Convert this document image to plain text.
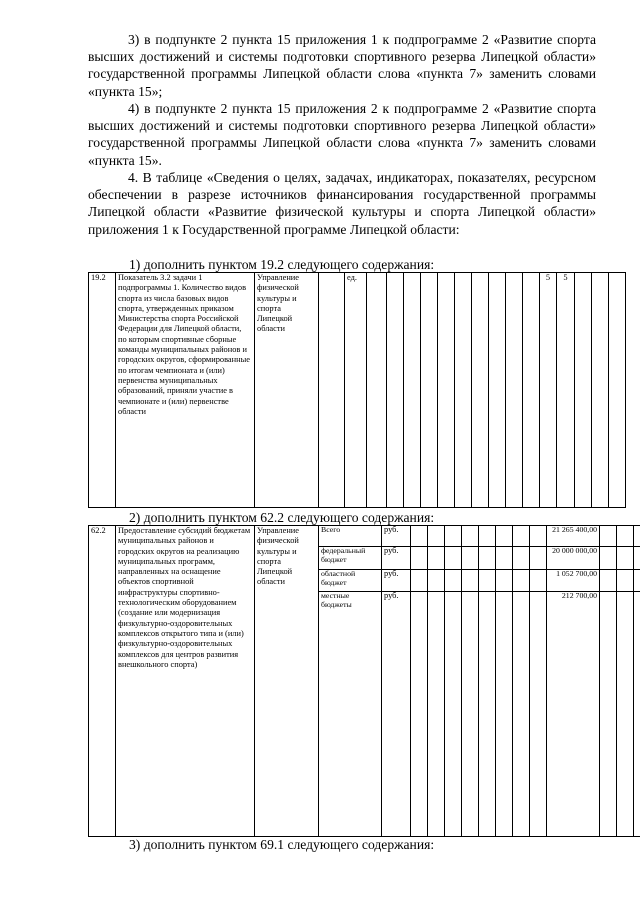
3) в подпункте 2 пункта 15 приложения 1 к подпрограмме 2 «Развитие спорта высших достижений и системы подготовки спортивного резерва Липецкой области» государственной программы Липецкой области слова «пункта 7» заменить словами «пункта 15»;
4) в подпункте 2 пункта 15 приложения 2 к подпрограмме 2 «Развитие спорта высших достижений и системы подготовки спортивного резерва Липецкой области» государственной программы Липецкой области слова «пункта 7» заменить словами «пункта 15».
4. В таблице «Сведения о целях, задачах, индикаторах, показателях, ресурсном обеспечении в разрезе источников финансирования государственной программы Липецкой области «Развитие физической культуры и спорта Липецкой области» приложения 1 к Государственной программе Липецкой области:
1) дополнить пунктом 19.2 следующего содержания:
19.2	Показатель 3.2 задачи 1 подпрограммы 1. Количество видов спорта из числа базовых видов спорта, утвержденных приказом Министерства спорта Российской Федерации для Липецкой области, по которым спортивные сборные команды муниципальных районов и городских округов, сформированные по итогам чемпионата и (или) первенства муниципальных образований, приняли участие в чемпионате и (или) первенстве области	Управление физической культуры и спорта Липецкой области		ед.											5	5			
2) дополнить пунктом 62.2 следующего содержания:
62.2	Предоставление субсидий бюджетам муниципальных районов и городских округов на реализацию муниципальных программ, направленных на оснащение объектов спортивной инфраструктуры спортивно-технологическим оборудованием (создание или модернизация физкультурно-оздоровительных комплексов открытого типа и (или) физкультурно-оздоровительных комплексов для центров развития внешкольного спорта)	Управление физической культуры и спорта Липецкой области	Всего	руб.									21 265 400,00					
			федеральный бюджет	руб.									20 000 000,00					
			областной бюджет	руб.									1 052 700,00					
			местные бюджеты	руб.									212 700,00					
3) дополнить пунктом 69.1 следующего содержания:
